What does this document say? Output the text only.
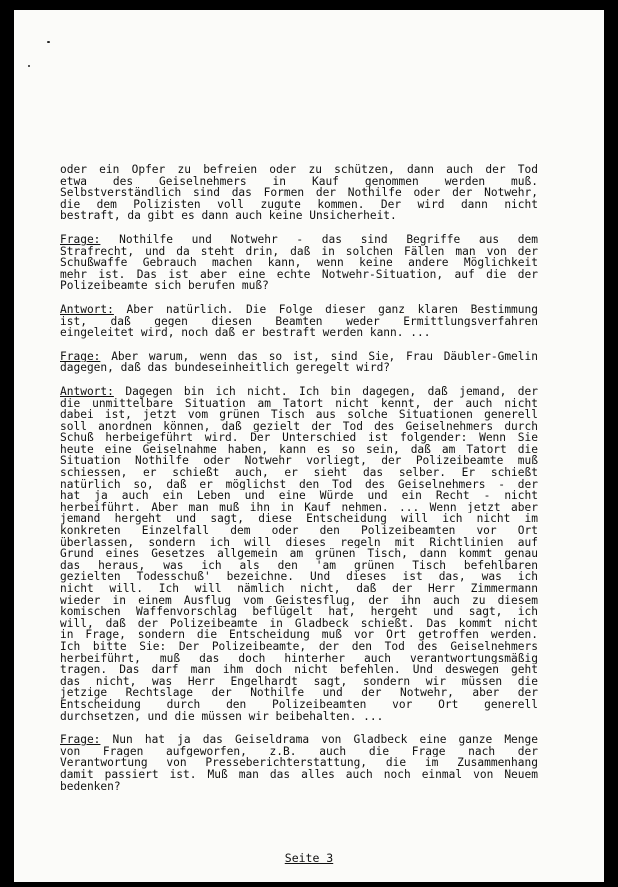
oder ein Opfer zu befreien oder zu schützen, dann auch der Tod
etwa des Geiselnehmers in Kauf genommen werden muß.
Selbstverständlich sind das Formen der Nothilfe oder der Notwehr,
die dem Polizisten voll zugute kommen. Der wird dann nicht
bestraft, da gibt es dann auch keine Unsicherheit.
Frage: Nothilfe und Notwehr - das sind Begriffe aus dem
Strafrecht, und da steht drin, daß in solchen Fällen man von der
Schußwaffe Gebrauch machen kann, wenn keine andere Möglichkeit
mehr ist. Das ist aber eine echte Notwehr-Situation, auf die der
Polizeibeamte sich berufen muß?
Antwort: Aber natürlich. Die Folge dieser ganz klaren Bestimmung
ist, daß gegen diesen Beamten weder Ermittlungsverfahren
eingeleitet wird, noch daß er bestraft werden kann. ...
Frage: Aber warum, wenn das so ist, sind Sie, Frau Däubler-Gmelin
dagegen, daß das bundeseinheitlich geregelt wird?
Antwort: Dagegen bin ich nicht. Ich bin dagegen, daß jemand, der
die unmittelbare Situation am Tatort nicht kennt, der auch nicht
dabei ist, jetzt vom grünen Tisch aus solche Situationen generell
soll anordnen können, daß gezielt der Tod des Geiselnehmers durch
Schuß herbeigeführt wird. Der Unterschied ist folgender: Wenn Sie
heute eine Geiselnahme haben, kann es so sein, daß am Tatort die
Situation Nothilfe oder Notwehr vorliegt, der Polizeibeamte muß
schiessen, er schießt auch, er sieht das selber. Er schießt
natürlich so, daß er möglichst den Tod des Geiselnehmers - der
hat ja auch ein Leben und eine Würde und ein Recht - nicht
herbeiführt. Aber man muß ihn in Kauf nehmen. ... Wenn jetzt aber
jemand hergeht und sagt, diese Entscheidung will ich nicht im
konkreten Einzelfall dem oder den Polizeibeamten vor Ort
überlassen, sondern ich will dieses regeln mit Richtlinien auf
Grund eines Gesetzes allgemein am grünen Tisch, dann kommt genau
das heraus, was ich als den 'am grünen Tisch befehlbaren
gezielten Todesschuß' bezeichne. Und dieses ist das, was ich
nicht will. Ich will nämlich nicht, daß der Herr Zimmermann
wieder in einem Ausflug vom Geistesflug, der ihn auch zu diesem
komischen Waffenvorschlag beflügelt hat, hergeht und sagt, ich
will, daß der Polizeibeamte in Gladbeck schießt. Das kommt nicht
in Frage, sondern die Entscheidung muß vor Ort getroffen werden.
Ich bitte Sie: Der Polizeibeamte, der den Tod des Geiselnehmers
herbeiführt, muß das doch hinterher auch verantwortungsmäßig
tragen. Das darf man ihm doch nicht befehlen. Und deswegen geht
das nicht, was Herr Engelhardt sagt, sondern wir müssen die
jetzige Rechtslage der Nothilfe und der Notwehr, aber der
Entscheidung durch den Polizeibeamten vor Ort generell
durchsetzen, und die müssen wir beibehalten. ...
Frage: Nun hat ja das Geiseldrama von Gladbeck eine ganze Menge
von Fragen aufgeworfen, z.B. auch die Frage nach der
Verantwortung von Presseberichterstattung, die im Zusammenhang
damit passiert ist. Muß man das alles auch noch einmal von Neuem
bedenken?
Seite 3
